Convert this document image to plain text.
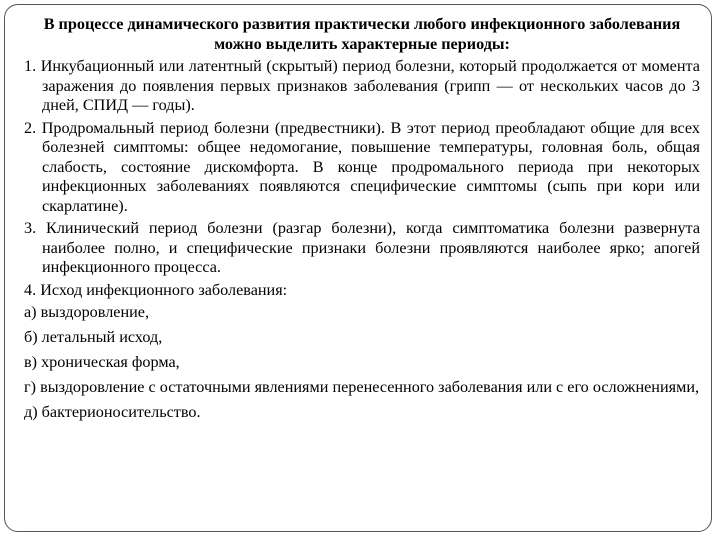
В процессе динамического развития практически любого инфекционного заболевания можно выделить характерные периоды:
1. Инкубационный или латентный (скрытый) период болезни, который продолжается от момента заражения до появления первых признаков заболевания (грипп — от нескольких часов до 3 дней, СПИД — годы).
2. Продромальный период болезни (предвестники). В этот период преобладают общие для всех болезней симптомы: общее недомогание, повышение температуры, головная боль, общая слабость, состояние дискомфорта. В конце продромального периода при некоторых инфекционных заболеваниях появляются специфические симптомы (сыпь при кори или скарлатине).
3. Клинический период болезни (разгар болезни), когда симптоматика болезни развернута наиболее полно, и специфические признаки болезни проявляются наиболее ярко; апогей инфекционного процесса.
4. Исход инфекционного заболевания:
а) выздоровление,
б) летальный исход,
в) хроническая форма,
г) выздоровление с остаточными явлениями перенесенного заболевания или с его осложнениями,
д) бактерионосительство.
